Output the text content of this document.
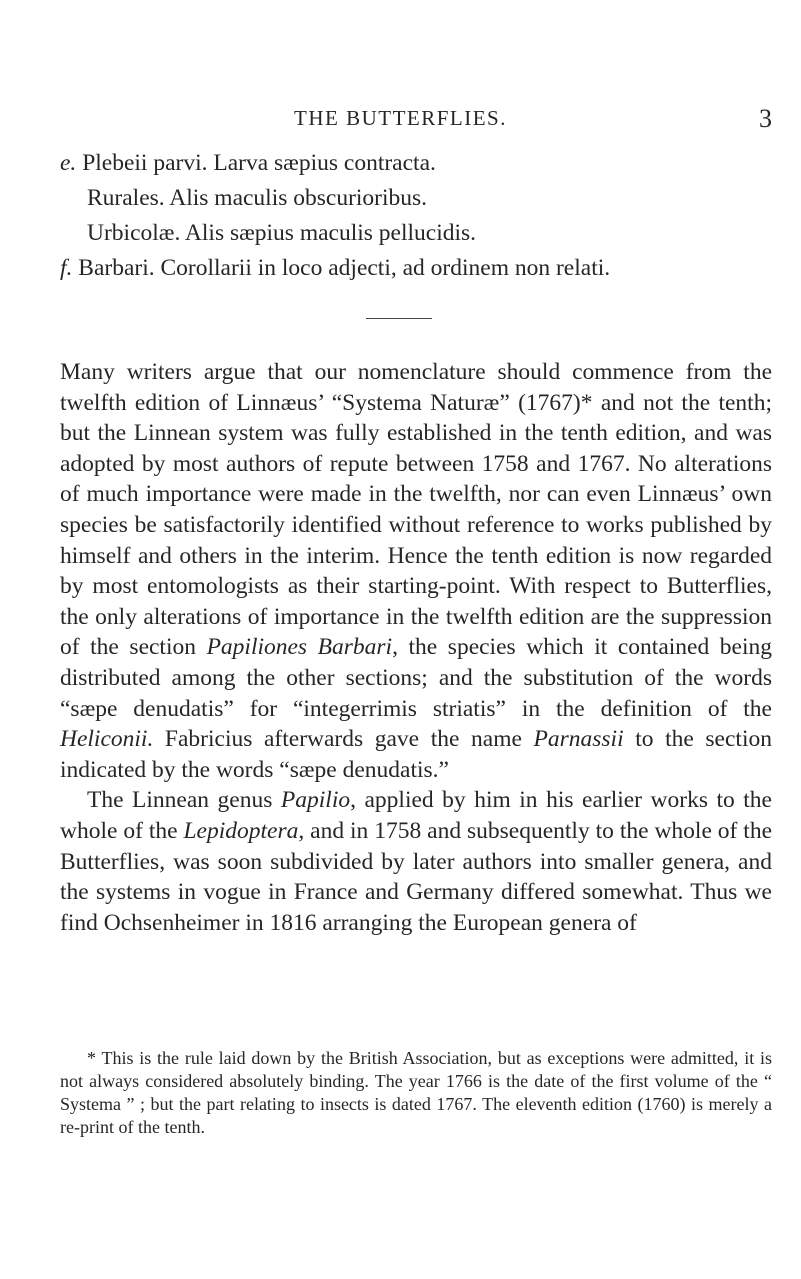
THE BUTTERFLIES.	3
e. Plebeii parvi. Larva sæpius contracta.
Rurales. Alis maculis obscurioribus.
Urbicolæ. Alis sæpius maculis pellucidis.
f. Barbari. Corollarii in loco adjecti, ad ordinem non relati.

Many writers argue that our nomenclature should commence from the twelfth edition of Linnæus’ “Systema Naturæ” (1767)* and not the tenth; but the Linnean system was fully established in the tenth edition, and was adopted by most authors of repute between 1758 and 1767. No alterations of much importance were made in the twelfth, nor can even Linnæus’ own species be satisfactorily identified without reference to works published by himself and others in the interim. Hence the tenth edition is now regarded by most entomologists as their starting-point. With respect to Butterflies, the only alterations of importance in the twelfth edition are the suppression of the section Papiliones Barbari, the species which it contained being distributed among the other sections; and the substitution of the words “sæpe denudatis” for “integerrimis striatis” in the definition of the Heliconii. Fabricius afterwards gave the name Parnassii to the section indicated by the words “sæpe denudatis.”

The Linnean genus Papilio, applied by him in his earlier works to the whole of the Lepidoptera, and in 1758 and subsequently to the whole of the Butterflies, was soon subdivided by later authors into smaller genera, and the systems in vogue in France and Germany differed somewhat. Thus we find Ochsenheimer in 1816 arranging the European genera of

* This is the rule laid down by the British Association, but as exceptions were admitted, it is not always considered absolutely binding. The year 1766 is the date of the first volume of the “ Systema ” ; but the part relating to insects is dated 1767. The eleventh edition (1760) is merely a re-print of the tenth.
